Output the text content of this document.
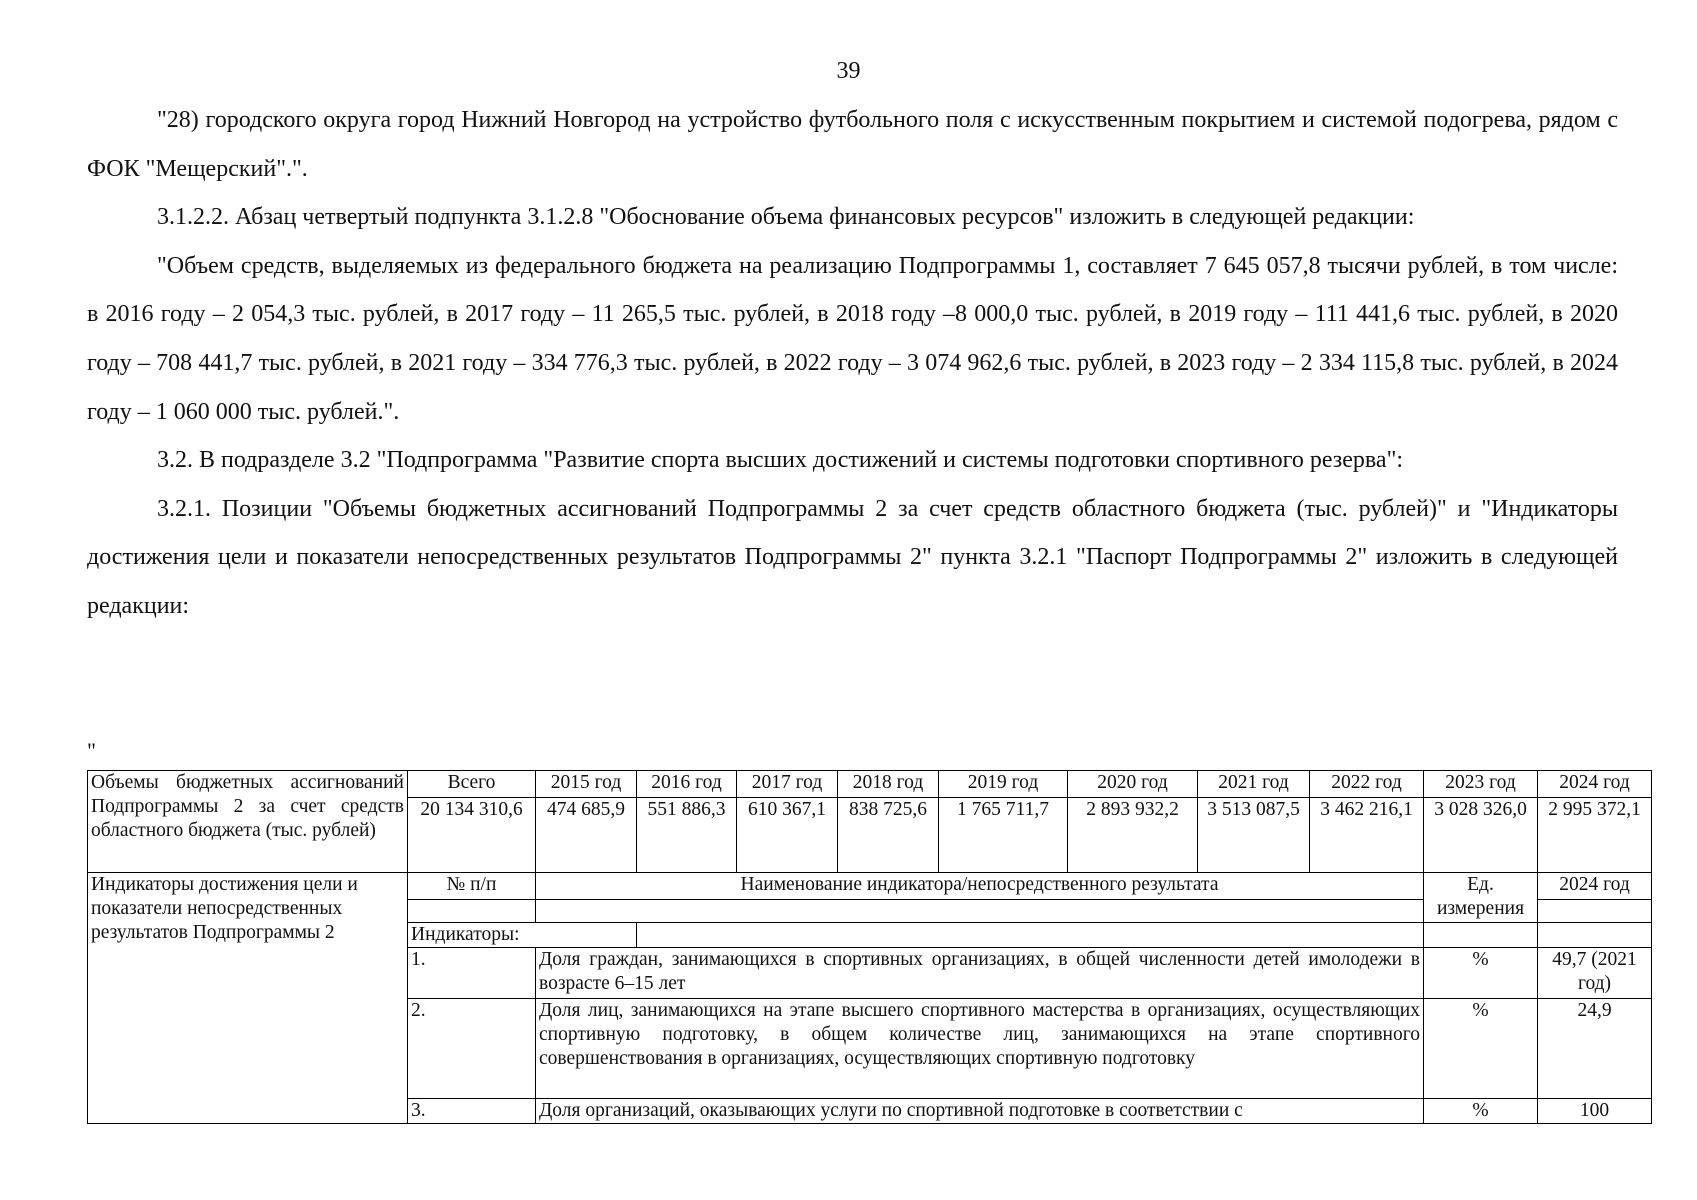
39

"28) городского округа город Нижний Новгород на устройство футбольного поля с искусственным покрытием и системой подогрева, рядом с ФОК "Мещерский".".

3.1.2.2. Абзац четвертый подпункта 3.1.2.8 "Обоснование объема финансовых ресурсов" изложить в следующей редакции:

"Объем средств, выделяемых из федерального бюджета на реализацию Подпрограммы 1, составляет 7 645 057,8 тысячи рублей, в том числе: в 2016 году – 2 054,3 тыс. рублей, в 2017 году – 11 265,5 тыс. рублей, в 2018 году –8 000,0 тыс. рублей, в 2019 году – 111 441,6 тыс. рублей, в 2020 году – 708 441,7 тыс. рублей, в 2021 году – 334 776,3 тыс. рублей, в 2022 году – 3 074 962,6 тыс. рублей, в 2023 году – 2 334 115,8 тыс. рублей, в 2024 году – 1 060 000 тыс. рублей.".

3.2. В подразделе 3.2 "Подпрограмма "Развитие спорта высших достижений и системы подготовки спортивного резерва":

3.2.1. Позиции "Объемы бюджетных ассигнований Подпрограммы 2 за счет средств областного бюджета (тыс. рублей)" и "Индикаторы достижения цели и показатели непосредственных результатов Подпрограммы 2" пункта 3.2.1 "Паспорт Подпрограммы 2" изложить в следующей редакции:

"
Объемы бюджетных ассигнований Подпрограммы 2 за счет средств областного бюджета (тыс. рублей)	Всего	2015 год	2016 год	2017 год	2018 год	2019 год	2020 год	2021 год	2022 год	2023 год	2024 год
	20 134 310,6	474 685,9	551 886,3	610 367,1	838 725,6	1 765 711,7	2 893 932,2	3 513 087,5	3 462 216,1	3 028 326,0	2 995 372,1
Индикаторы достижения цели и показатели непосредственных результатов Подпрограммы 2	№ п/п	Наименование индикатора/непосредственного результата								Ед. измерения	2024 год

	Индикаторы:										
	1.	Доля граждан, занимающихся в спортивных организациях, в общей численности детей имолодежи в возрасте 6–15 лет								%	49,7 (2021 год)
	2.	Доля лиц, занимающихся на этапе высшего спортивного мастерства в организациях, осуществляющих спортивную подготовку, в общем количестве лиц, занимающихся на этапе спортивного совершенствования в организациях, осуществляющих спортивную подготовку								%	24,9
	3.	Доля организаций, оказывающих услуги по спортивной подготовке в соответствии с								%	100
